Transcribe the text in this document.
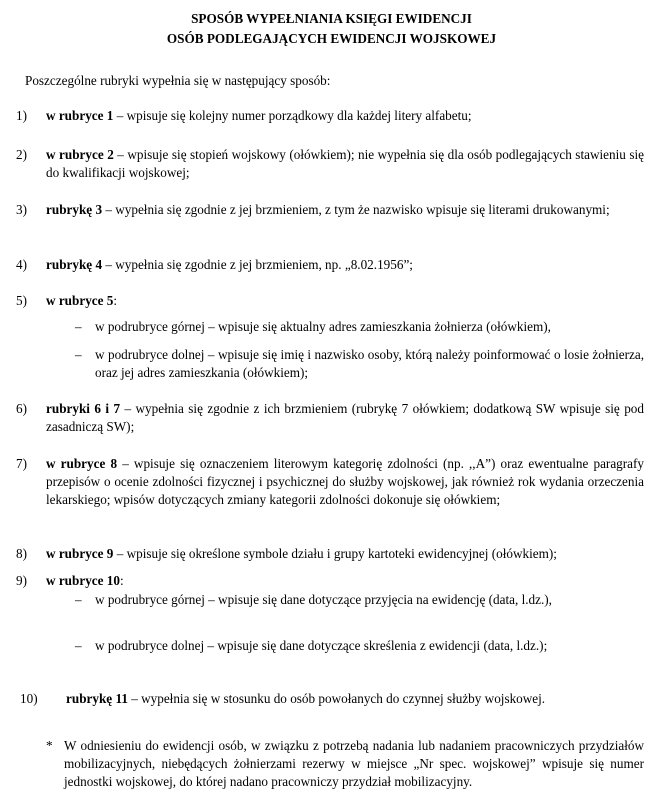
SPOSÓB WYPEŁNIANIA KSIĘGI EWIDENCJI
OSÓB PODLEGAJĄCYCH EWIDENCJI WOJSKOWEJ
Poszczególne rubryki wypełnia się w następujący sposób:
1)	w rubryce 1 – wpisuje się kolejny numer porządkowy dla każdej litery alfabetu;
2)	w rubryce 2 – wpisuje się stopień wojskowy (ołówkiem); nie wypełnia się dla osób podlegających stawieniu się do kwalifikacji wojskowej;
3)	rubrykę 3 – wypełnia się zgodnie z jej brzmieniem, z tym że nazwisko wpisuje się literami drukowanymi;
4)	rubrykę 4 – wypełnia się zgodnie z jej brzmieniem, np. „8.02.1956”;
5)	w rubryce 5:
– w podrubryce górnej – wpisuje się aktualny adres zamieszkania żołnierza (ołówkiem),
– w podrubryce dolnej – wpisuje się imię i nazwisko osoby, którą należy poinformować o losie żołnierza, oraz jej adres zamieszkania (ołówkiem);
6)	rubryki 6 i 7 – wypełnia się zgodnie z ich brzmieniem (rubrykę 7 ołówkiem; dodatkową SW wpisuje się pod zasadniczą SW);
7)	w rubryce 8 – wpisuje się oznaczeniem literowym kategorię zdolności (np. ,,A”) oraz ewentualne paragrafy przepisów o ocenie zdolności fizycznej i psychicznej do służby wojskowej, jak również rok wydania orzeczenia lekarskiego; wpisów dotyczących zmiany kategorii zdolności dokonuje się ołówkiem;
8)	w rubryce 9 – wpisuje się określone symbole działu i grupy kartoteki ewidencyjnej (ołówkiem);
9)	w rubryce 10:
– w podrubryce górnej – wpisuje się dane dotyczące przyjęcia na ewidencję (data, l.dz.),
– w podrubryce dolnej – wpisuje się dane dotyczące skreślenia z ewidencji (data, l.dz.);
10)	rubrykę 11 – wypełnia się w stosunku do osób powołanych do czynnej służby wojskowej.
* W odniesieniu do ewidencji osób, w związku z potrzebą nadania lub nadaniem pracowniczych przydziałów mobilizacyjnych, niebędących żołnierzami rezerwy w miejsce „Nr spec. wojskowej” wpisuje się numer jednostki wojskowej, do której nadano pracowniczy przydział mobilizacyjny.
